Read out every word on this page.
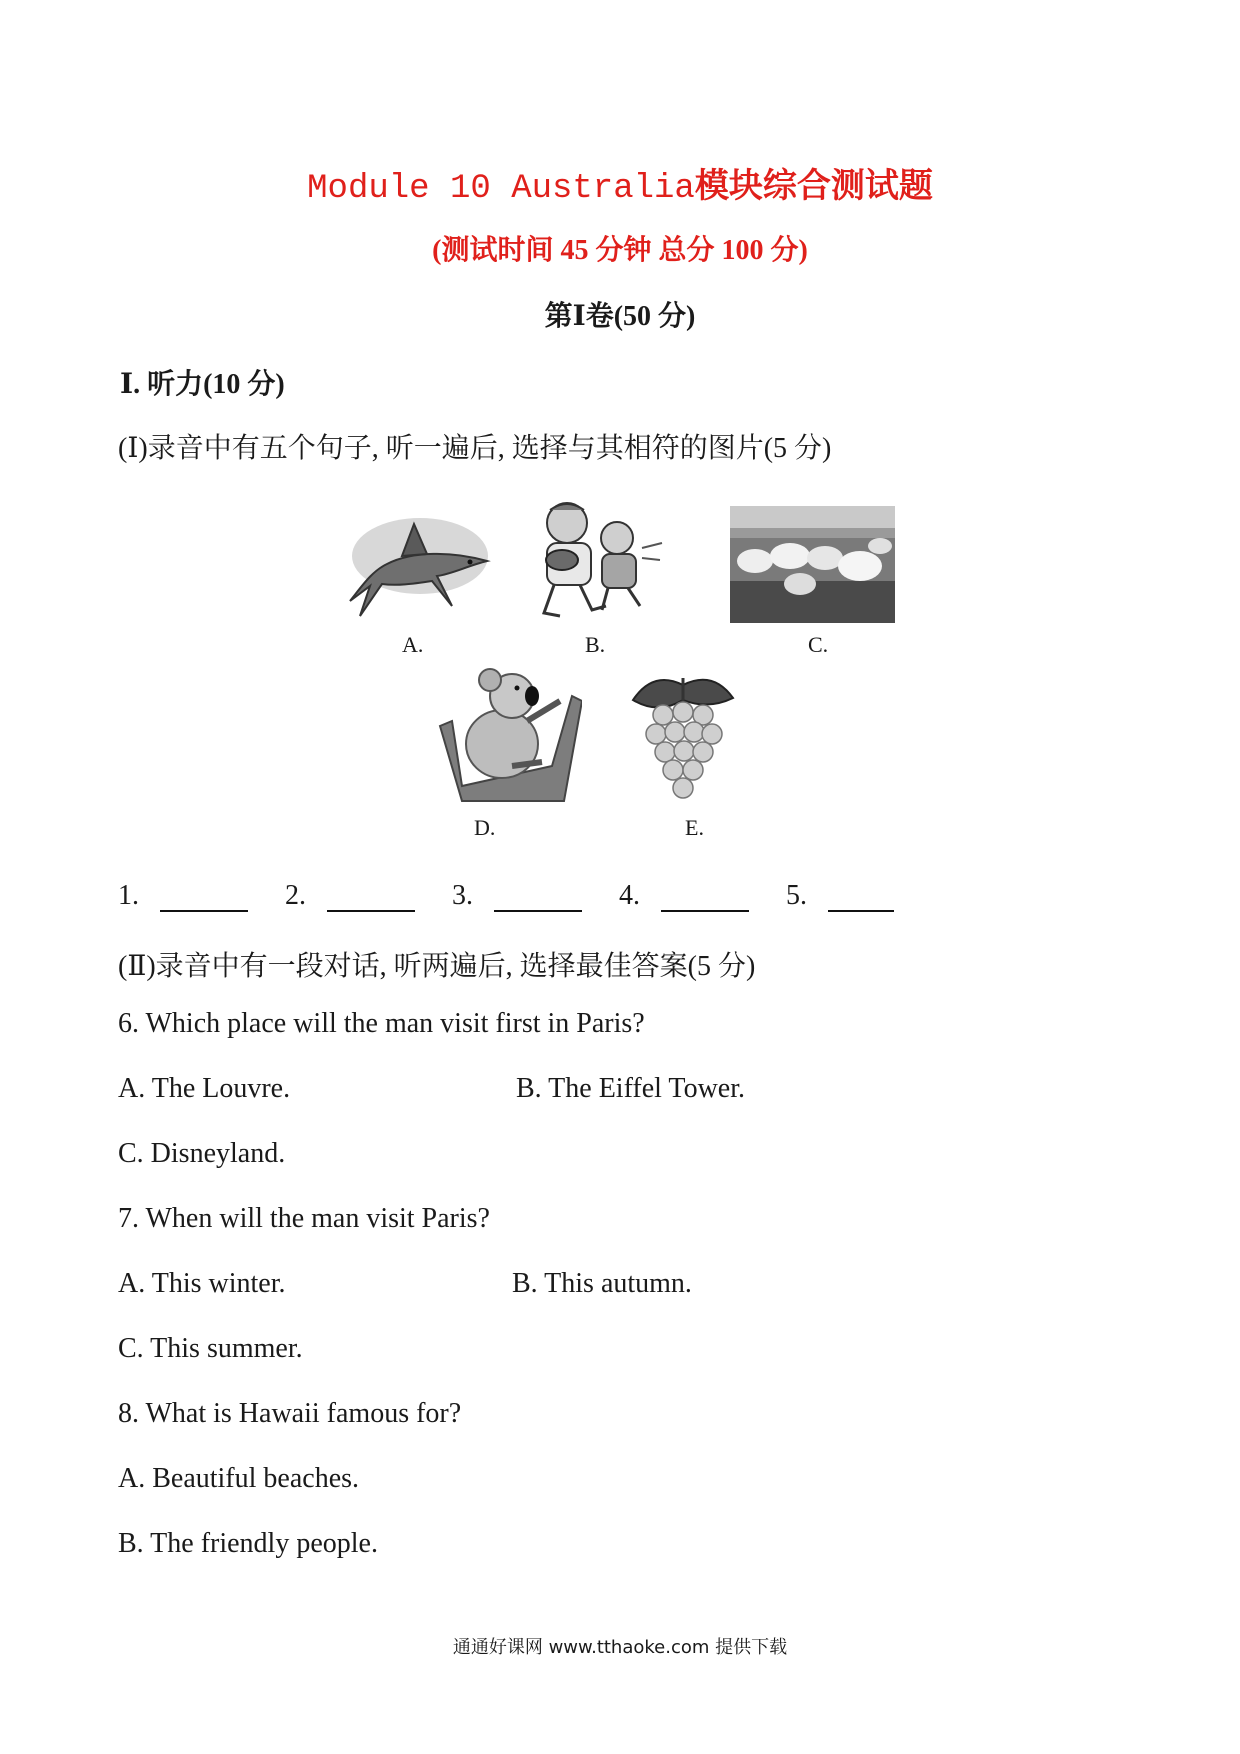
Module 10 Australia模块综合测试题
(测试时间 45 分钟 总分 100 分)
第Ⅰ卷(50 分)
Ⅰ. 听力(10 分)
(Ⅰ)录音中有五个句子, 听一遍后, 选择与其相符的图片(5 分)
A.	B.	C.
D.	E.
1.	2.	3.	4.	5.
(Ⅱ)录音中有一段对话, 听两遍后, 选择最佳答案(5 分)
6. Which place will the man visit first in Paris?
A. The Louvre.	B. The Eiffel Tower.
C. Disneyland.
7. When will the man visit Paris?
A. This winter.	B. This autumn.
C. This summer.
8. What is Hawaii famous for?
A. Beautiful beaches.
B. The friendly people.
通通好课网 www.tthaoke.com 提供下载
